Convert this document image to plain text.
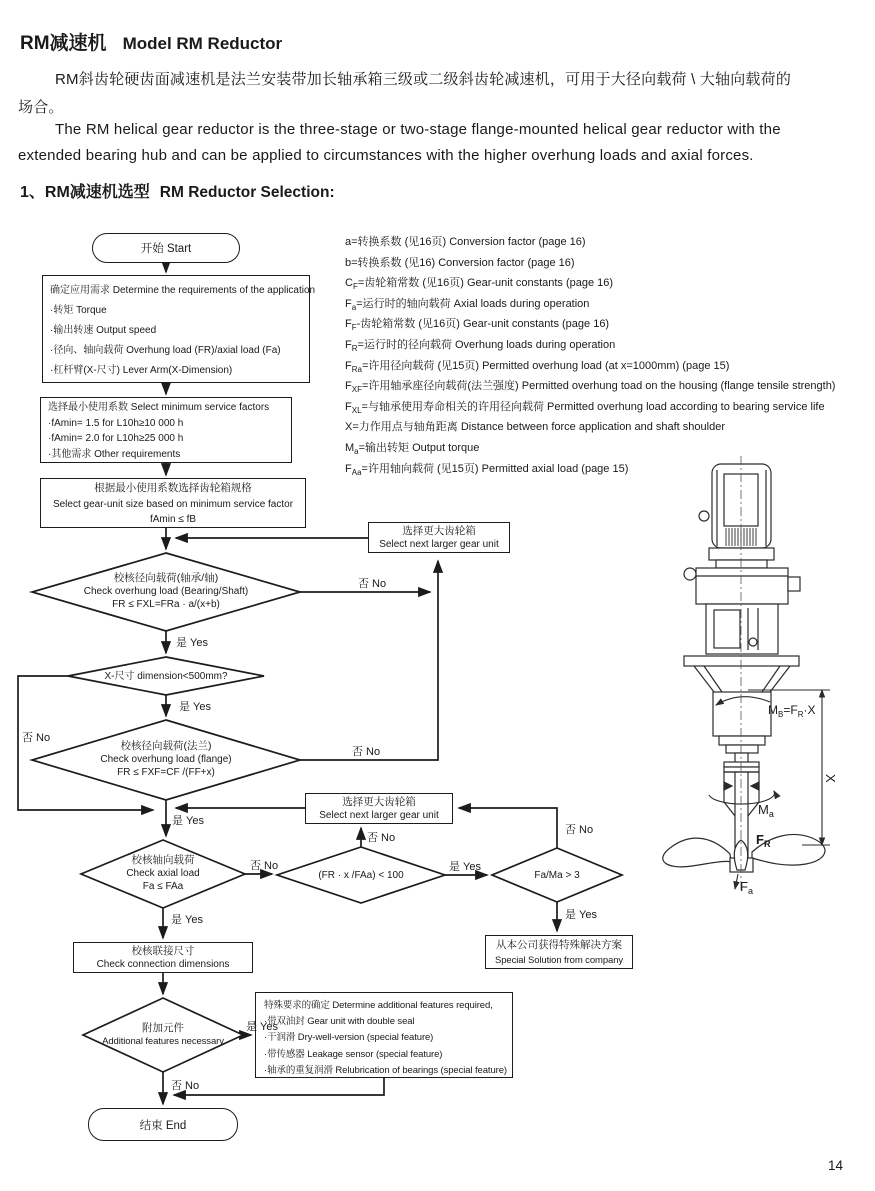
RM减速机 Model RM Reductor
RM斜齿轮硬齿面减速机是法兰安装带加长轴承箱三级或二级斜齿轮减速机，可用于大径向载荷 \ 大轴向载荷的
场合。
The RM helical gear reductor is the three-stage or two-stage flange-mounted helical gear reductor with the
extended bearing hub and can be applied to circumstances with the higher overhung loads and axial forces.
1、RM减速机选型 RM Reductor Selection:
a=转换系数 (见16页) Conversion factor (page 16)
b=转换系数 (见16) Conversion factor (page 16)
$C_F=$齿轮箱常数 (见16页) Gear-unit constants (page 16)
$F_a=$运行时的轴向载荷 Axial loads during operation
$F_F-$齿轮箱常数 (见16页) Gear-unit constants (page 16)
$F_R=$运行时的径向载荷 Overhung loads during operation
$F_{Ra}=$许用径向载荷 (见15页) Permitted overhung load (at x=1000mm) (page 15)
$F_{XF}=$许用轴承座径向载荷(法兰强度) Permitted overhung toad on the housing (flange tensile strength)
$F_{XL}=$与轴承使用寿命相关的许用径向载荷 Permitted overhung load according to bearing service life
X=力作用点与轴角距离 Distance between force application and shaft shoulder
$M_a=$输出转矩 Output torque
$F_{Aa}=$许用轴向载荷 (见15页) Permitted axial load (page 15)
开始 Start
确定应用需求 Determine the requirements of the application
·转矩 Torque
·输出转速 Output speed
·径向、轴向载荷 Overhung load (FR)/axial load (Fa)
·杠杆臂(X-尺寸) Lever Arm(X-Dimension)
选择最小使用系数 Select minimum service factors
·fAmin= 1.5 for L10h≥10 000 h
·fAmin= 2.0 for L10h≥25 000 h
·其他需求 Other requirements
根据最小使用系数选择齿轮箱规格
Select gear-unit size based on minimum service factor
fAmin ≤ fB
选择更大齿轮箱
Select next larger gear unit
选择更大齿轮箱
Select next larger gear unit
校核联接尺寸
Check connection dimensions
从本公司获得特殊解决方案
Special Solution from company
特殊要求的确定 Determine additional features required,
·带双油封 Gear unit with double seal
·干润滑 Dry-well-version (special feature)
·带传感器 Leakage sensor (special feature)
·轴承的重复润滑 Relubrication of bearings (special feature)
结束 End
校核径向载荷(轴承/轴)
Check overhung load (Bearing/Shaft)
FR ≤ FXL=FRa · a/(x+b)
X-尺寸 dimension<500mm?
校核径向载荷(法兰)
Check overhung load (flange)
FR ≤ FXF=CF /(FF+x)
校核轴向载荷
Check axial load
Fa ≤ FAa
(FR · x /FAa) < 100	Fa/Ma > 3
附加元件
Additional features necessary
否 No
是 Yes
是 Yes
否 No
否 No
是 Yes
否 No
是 Yes
否 No
是 Yes
否 No
是 Yes
是 Yes
否 No
$M_B=F_R\cdot X$
X
$M_a$
$F_R$
$F_a$
14
